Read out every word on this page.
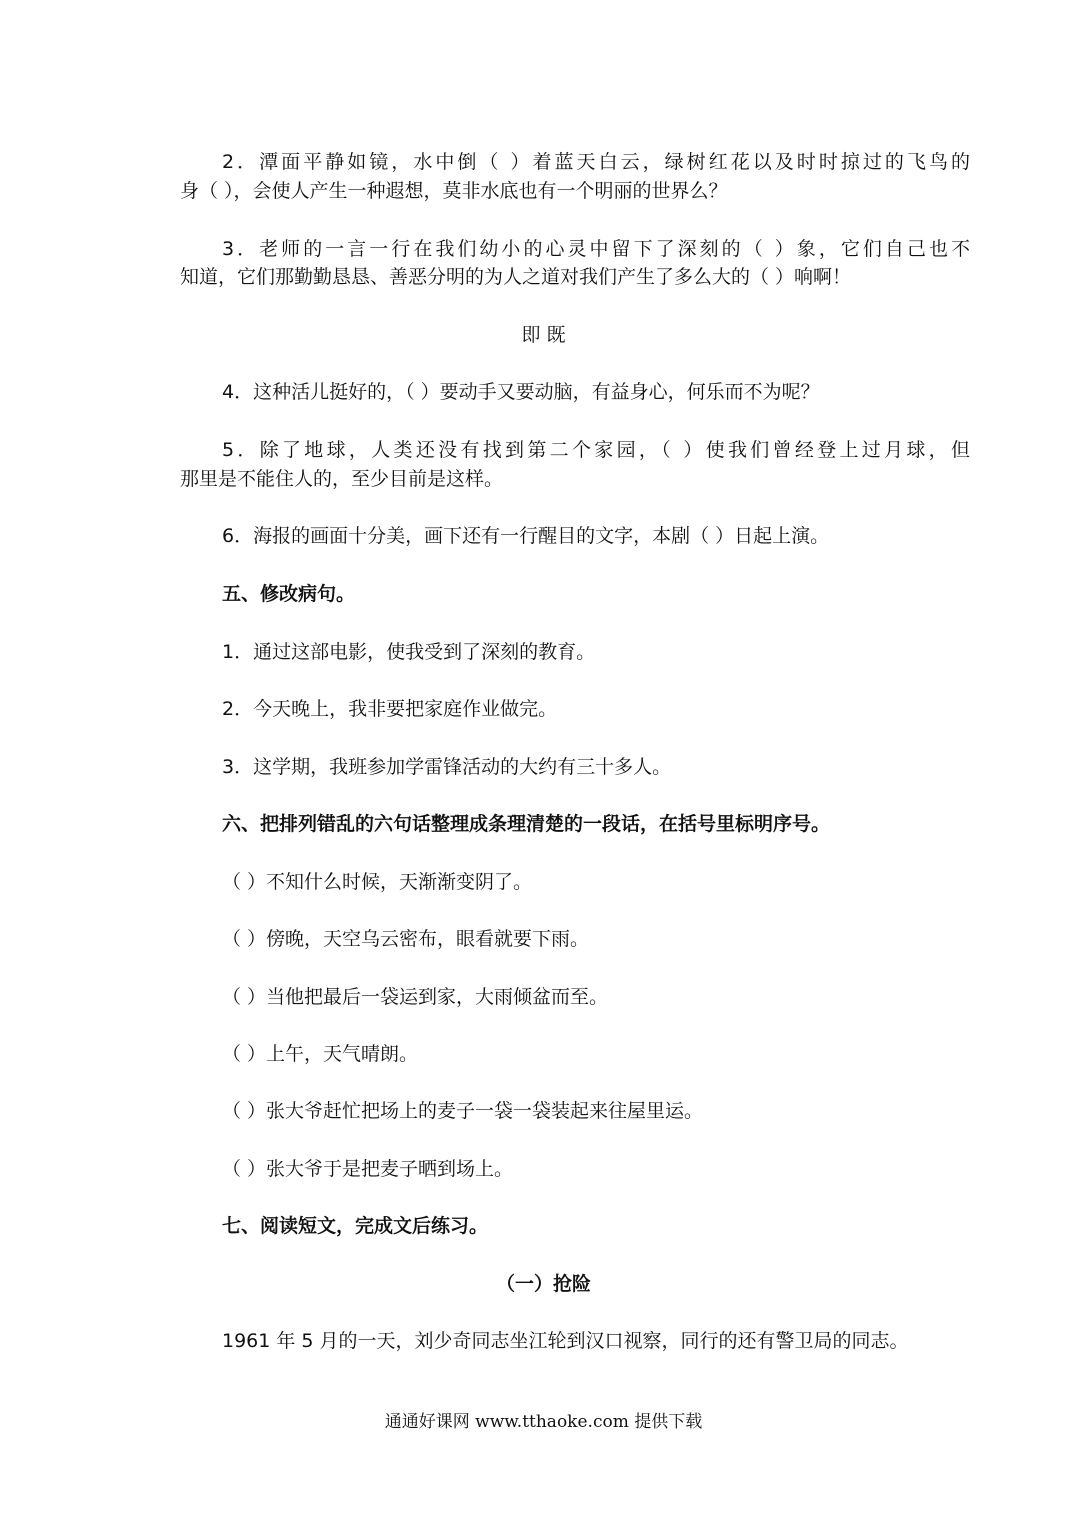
2．潭面平静如镜，水中倒（ ）着蓝天白云，绿树红花以及时时掠过的飞鸟的
身（ ），会使人产生一种遐想，莫非水底也有一个明丽的世界么？
3．老师的一言一行在我们幼小的心灵中留下了深刻的（ ）象，它们自己也不
知道，它们那勤勤恳恳、善恶分明的为人之道对我们产生了多么大的（ ）响啊！
即 既
4．这种活儿挺好的，（ ）要动手又要动脑，有益身心，何乐而不为呢？
5．除了地球，人类还没有找到第二个家园，（ ）使我们曾经登上过月球，但
那里是不能住人的，至少目前是这样。
6．海报的画面十分美，画下还有一行醒目的文字，本剧（ ）日起上演。
五、修改病句。
1．通过这部电影，使我受到了深刻的教育。
2．今天晚上，我非要把家庭作业做完。
3．这学期，我班参加学雷锋活动的大约有三十多人。
六、把排列错乱的六句话整理成条理清楚的一段话，在括号里标明序号。
（ ）不知什么时候，天渐渐变阴了。
（ ）傍晚，天空乌云密布，眼看就要下雨。
（ ）当他把最后一袋运到家，大雨倾盆而至。
（ ）上午，天气晴朗。
（ ）张大爷赶忙把场上的麦子一袋一袋装起来往屋里运。
（ ）张大爷于是把麦子晒到场上。
七、阅读短文，完成文后练习。
（一）抢险
1961 年 5 月的一天，刘少奇同志坐江轮到汉口视察，同行的还有警卫局的同志。
通通好课网 www.tthaoke.com 提供下载
